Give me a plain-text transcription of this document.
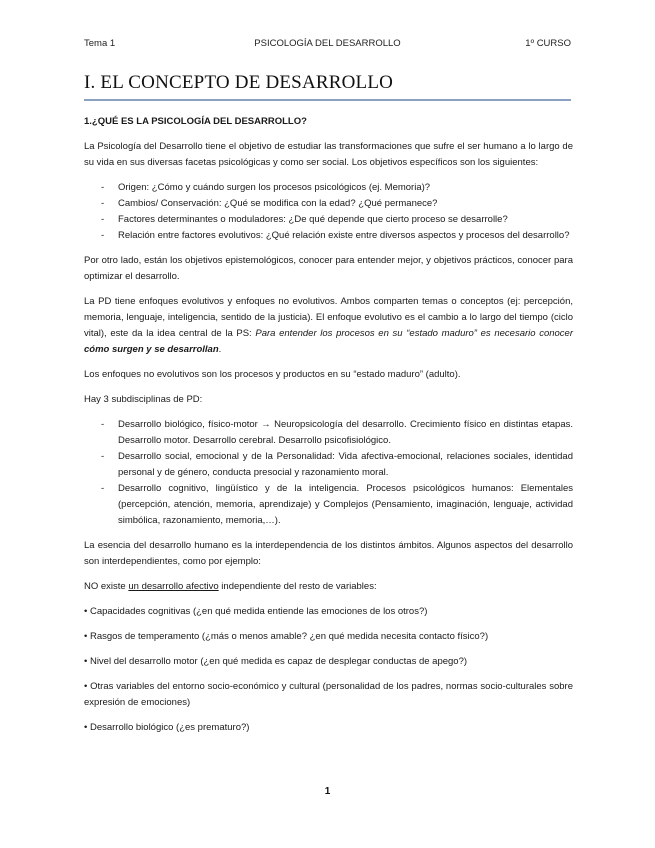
Tema 1	PSICOLOGÍA DEL DESARROLLO	1º CURSO
I. EL CONCEPTO DE DESARROLLO
1.¿QUÉ ES LA PSICOLOGÍA DEL DESARROLLO?

La Psicología del Desarrollo tiene el objetivo de estudiar las transformaciones que sufre el ser humano a lo largo de su vida en sus diversas facetas psicológicas y como ser social. Los objetivos específicos son los siguientes:

- Origen: ¿Cómo y cuándo surgen los procesos psicológicos (ej. Memoria)?
- Cambios/ Conservación: ¿Qué se modifica con la edad? ¿Qué permanece?
- Factores determinantes o moduladores: ¿De qué depende que cierto proceso se desarrolle?
- Relación entre factores evolutivos: ¿Qué relación existe entre diversos aspectos y procesos del desarrollo?

Por otro lado, están los objetivos epistemológicos, conocer para entender mejor, y objetivos prácticos, conocer para optimizar el desarrollo.

La PD tiene enfoques evolutivos y enfoques no evolutivos. Ambos comparten temas o conceptos (ej: percepción, memoria, lenguaje, inteligencia, sentido de la justicia). El enfoque evolutivo es el cambio a lo largo del tiempo (ciclo vital), este da la idea central de la PS: Para entender los procesos en su “estado maduro” es necesario conocer cómo surgen y se desarrollan.

Los enfoques no evolutivos son los procesos y productos en su “estado maduro” (adulto).

Hay 3 subdisciplinas de PD:

- Desarrollo biológico, físico-motor → Neuropsicología del desarrollo. Crecimiento físico en distintas etapas. Desarrollo motor. Desarrollo cerebral. Desarrollo psicofisiológico.
- Desarrollo social, emocional y de la Personalidad: Vida afectiva-emocional, relaciones sociales, identidad personal y de género, conducta presocial y razonamiento moral.
- Desarrollo cognitivo, lingüístico y de la inteligencia. Procesos psicológicos humanos: Elementales (percepción, atención, memoria, aprendizaje) y Complejos (Pensamiento, imaginación, lenguaje, actividad simbólica, razonamiento, memoria,…).

La esencia del desarrollo humano es la interdependencia de los distintos ámbitos. Algunos aspectos del desarrollo son interdependientes, como por ejemplo:

NO existe un desarrollo afectivo independiente del resto de variables:

• Capacidades cognitivas (¿en qué medida entiende las emociones de los otros?)

• Rasgos de temperamento (¿más o menos amable? ¿en qué medida necesita contacto físico?)

• Nivel del desarrollo motor (¿en qué medida es capaz de desplegar conductas de apego?)

• Otras variables del entorno socio-económico y cultural (personalidad de los padres, normas socio-culturales sobre expresión de emociones)

• Desarrollo biológico (¿es prematuro?)

1
